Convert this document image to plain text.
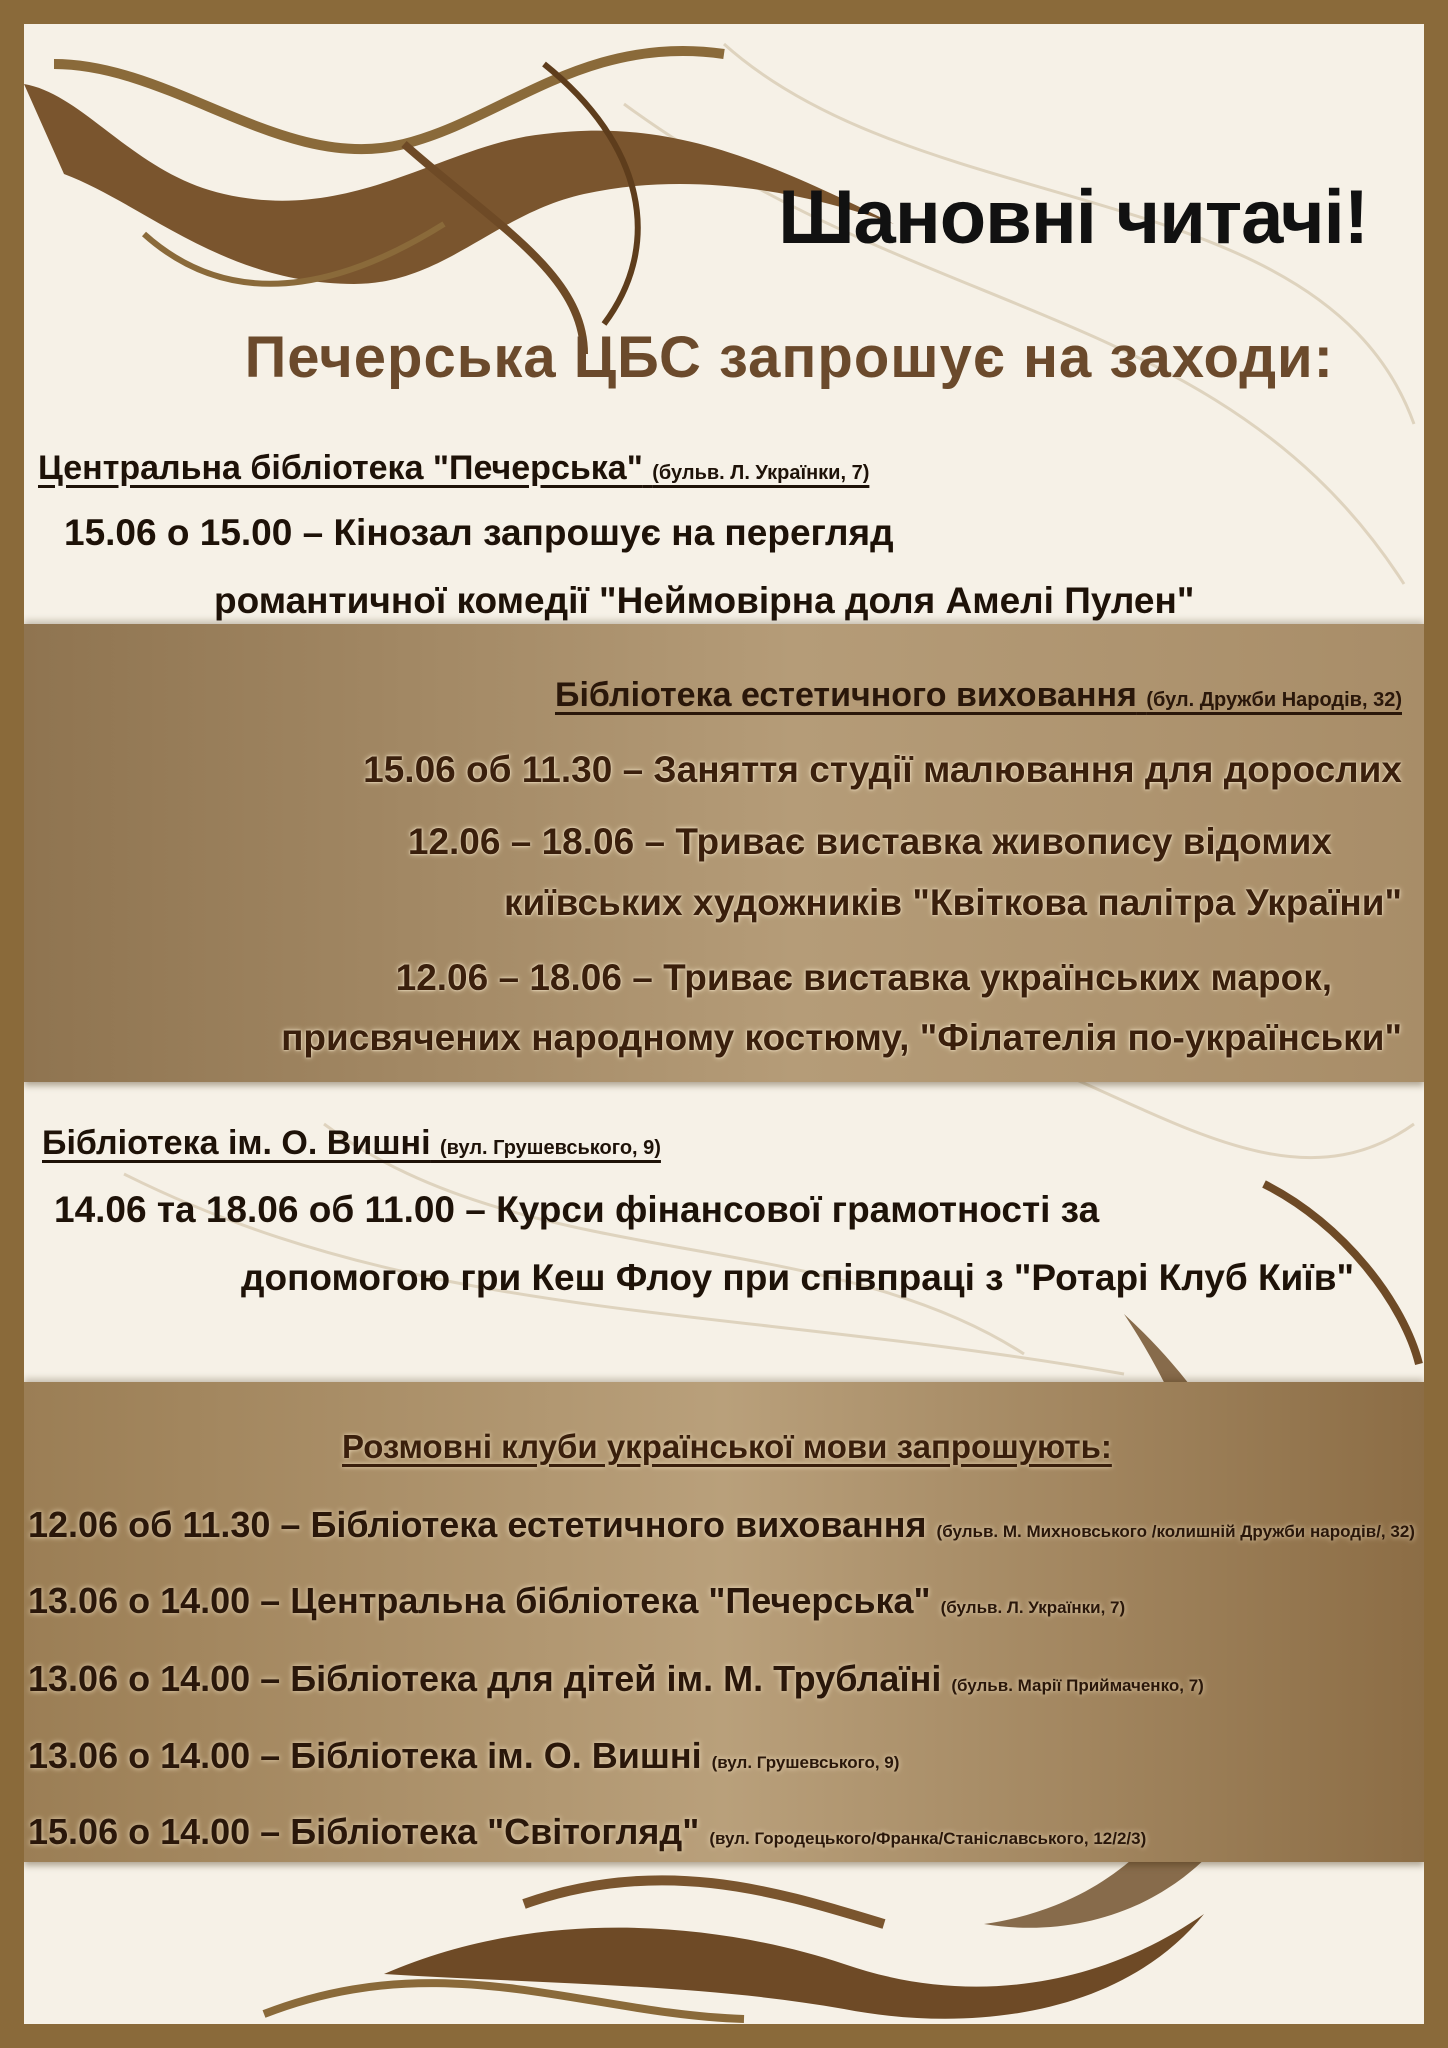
Шановні читачі!
Печерська ЦБС запрошує на заходи:
Центральна бібліотека "Печерська" (бульв. Л. Українки, 7)
15.06 о 15.00 – Кінозал запрошує на перегляд
романтичної комедії "Неймовірна доля Амелі Пулен"
Бібліотека естетичного виховання (бул. Дружби Народів, 32)
15.06 об 11.30 – Заняття студії малювання для дорослих
12.06 – 18.06 – Триває виставка живопису відомих
київських художників "Квіткова палітра України"
12.06 – 18.06 – Триває виставка українських марок,
присвячених народному костюму, "Філателія по-українськи"
Бібліотека ім. О. Вишні (вул. Грушевського, 9)
14.06 та 18.06 об 11.00 – Курси фінансової грамотності за
допомогою гри Кеш Флоу при співпраці з "Ротарі Клуб Київ"
Розмовні клуби української мови запрошують:
12.06 об 11.30 – Бібліотека естетичного виховання (бульв. М. Михновського /колишній Дружби народів/, 32)
13.06 о 14.00 – Центральна бібліотека "Печерська" (бульв. Л. Українки, 7)
13.06 о 14.00 – Бібліотека для дітей ім. М. Трублаїні (бульв. Марії Приймаченко, 7)
13.06 о 14.00 – Бібліотека ім. О. Вишні (вул. Грушевського, 9)
15.06 о 14.00 – Бібліотека "Світогляд" (вул. Городецького/Франка/Станіславського, 12/2/3)
